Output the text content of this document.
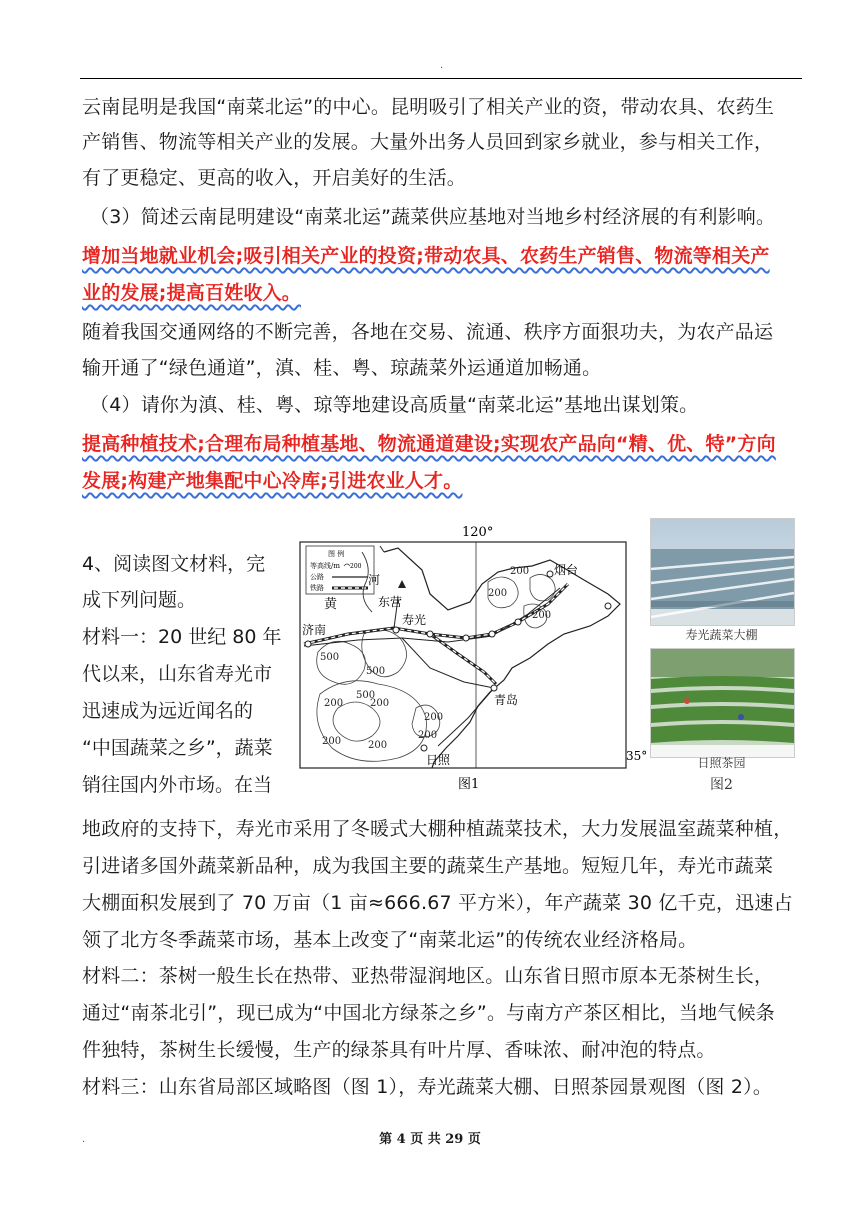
.
云南昆明是我国“南菜北运”的中心。昆明吸引了相关产业的资，带动农具、农药生
产销售、物流等相关产业的发展。大量外出务人员回到家乡就业，参与相关工作，
有了更稳定、更高的收入，开启美好的生活。
（3）简述云南昆明建设“南菜北运”蔬菜供应基地对当地乡村经济展的有利影响。
增加当地就业机会;吸引相关产业的投资;带动农具、农药生产销售、物流等相关产
业的发展;提高百姓收入。
随着我国交通网络的不断完善，各地在交易、流通、秩序方面狠功夫，为农产品运
输开通了“绿色通道”，滇、桂、粤、琼蔬菜外运通道加畅通。
（4）请你为滇、桂、粤、琼等地建设高质量“南菜北运”基地出谋划策。
提高种植技术;合理布局种植基地、物流通道建设;实现农产品向“精、优、特”方向
发展;构建产地集配中心冷库;引进农业人才。
4、阅读图文材料，完
成下列问题。
材料一：20 世纪 80 年
代以来，山东省寿光市
迅速成为远近闻名的
“中国蔬菜之乡”，蔬菜
销往国内外市场。在当
120°
35°
图 例
等高线/m 200
公路
铁路
济南
东营
寿光
烟台
青岛
日照
河
黄
500
500
200
500
200
200	200
200
200
200
200
200
图1
寿光蔬菜大棚
日照茶园
图2
地政府的支持下，寿光市采用了冬暖式大棚种植蔬菜技术，大力发展温室蔬菜种植，
引进诸多国外蔬菜新品种，成为我国主要的蔬菜生产基地。短短几年，寿光市蔬菜
大棚面积发展到了 70 万亩（1 亩≈666.67 平方米），年产蔬菜 30 亿千克，迅速占
领了北方冬季蔬菜市场，基本上改变了“南菜北运”的传统农业经济格局。
材料二：茶树一般生长在热带、亚热带湿润地区。山东省日照市原本无茶树生长，
通过“南茶北引”，现已成为“中国北方绿茶之乡”。与南方产茶区相比，当地气候条
件独特，茶树生长缓慢，生产的绿茶具有叶片厚、香味浓、耐冲泡的特点。
材料三：山东省局部区域略图（图 1），寿光蔬菜大棚、日照茶园景观图（图 2）。
.	第 4 页 共 29 页
